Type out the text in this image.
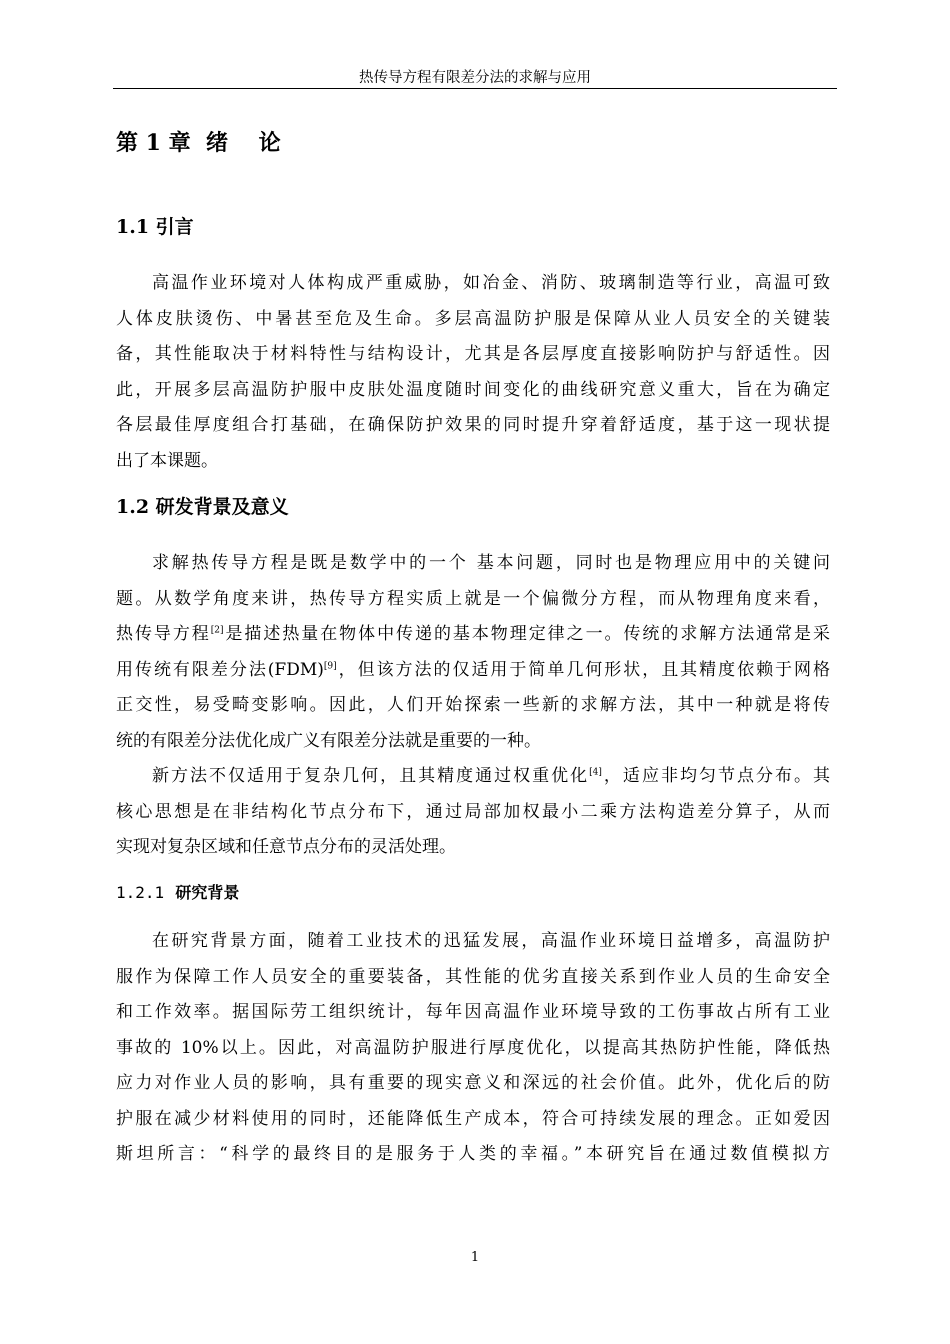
热传导方程有限差分法的求解与应用
第 1 章  绪    论
1.1 引言
高温作业环境对人体构成严重威胁，如冶金、消防、玻璃制造等行业，高温可致
人体皮肤烫伤、中暑甚至危及生命。多层高温防护服是保障从业人员安全的关键装
备，其性能取决于材料特性与结构设计，尤其是各层厚度直接影响防护与舒适性。因
此，开展多层高温防护服中皮肤处温度随时间变化的曲线研究意义重大，旨在为确定
各层最佳厚度组合打基础，在确保防护效果的同时提升穿着舒适度，基于这一现状提
出了本课题。
1.2 研发背景及意义
求解热传导方程是既是数学中的一个 基本问题，同时也是物理应用中的关键问
题。从数学角度来讲，热传导方程实质上就是一个偏微分方程，而从物理角度来看，
热传导方程[2]是描述热量在物体中传递的基本物理定律之一。传统的求解方法通常是采
用传统有限差分法(FDM)[9]，但该方法的仅适用于简单几何形状，且其精度依赖于网格
正交性，易受畸变影响。因此，人们开始探索一些新的求解方法，其中一种就是将传
统的有限差分法优化成广义有限差分法就是重要的一种。
新方法不仅适用于复杂几何，且其精度通过权重优化[4]，适应非均匀节点分布。其
核心思想是在非结构化节点分布下，通过局部加权最小二乘方法构造差分算子，从而
实现对复杂区域和任意节点分布的灵活处理。
1.2.1 研究背景
在研究背景方面，随着工业技术的迅猛发展，高温作业环境日益增多，高温防护
服作为保障工作人员安全的重要装备，其性能的优劣直接关系到作业人员的生命安全
和工作效率。据国际劳工组织统计，每年因高温作业环境导致的工伤事故占所有工业
事故的 10%以上。因此，对高温防护服进行厚度优化，以提高其热防护性能，降低热
应力对作业人员的影响，具有重要的现实意义和深远的社会价值。此外，优化后的防
护服在减少材料使用的同时，还能降低生产成本，符合可持续发展的理念。正如爱因
斯坦所言：“科学的最终目的是服务于人类的幸福。”本研究旨在通过数值模拟方
1
